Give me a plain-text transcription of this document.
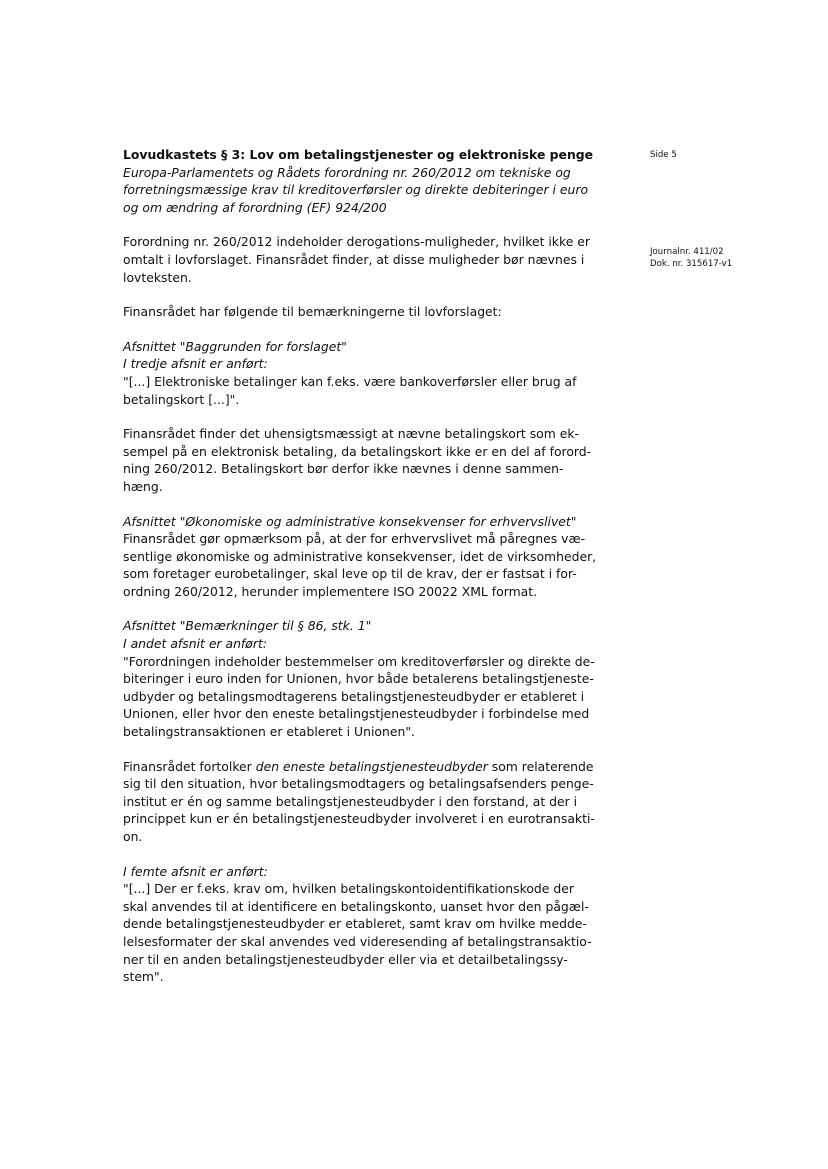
Side 5
Journalnr. 411/02
Dok. nr. 315617-v1
Lovudkastets § 3: Lov om betalingstjenester og elektroniske penge
Europa-Parlamentets og Rådets forordning nr. 260/2012 om tekniske og
forretningsmæssige krav til kreditoverførsler og direkte debiteringer i euro
og om ændring af forordning (EF) 924/200

Forordning nr. 260/2012 indeholder derogations-muligheder, hvilket ikke er
omtalt i lovforslaget. Finansrådet finder, at disse muligheder bør nævnes i
lovteksten.

Finansrådet har følgende til bemærkningerne til lovforslaget:

Afsnittet "Baggrunden for forslaget"
I tredje afsnit er anført:
"[...] Elektroniske betalinger kan f.eks. være bankoverførsler eller brug af
betalingskort [...]".

Finansrådet finder det uhensigtsmæssigt at nævne betalingskort som ek-
sempel på en elektronisk betaling, da betalingskort ikke er en del af forord-
ning 260/2012. Betalingskort bør derfor ikke nævnes i denne sammen-
hæng.

Afsnittet "Økonomiske og administrative konsekvenser for erhvervslivet"
Finansrådet gør opmærksom på, at der for erhvervslivet må påregnes væ-
sentlige økonomiske og administrative konsekvenser, idet de virksomheder,
som foretager eurobetalinger, skal leve op til de krav, der er fastsat i for-
ordning 260/2012, herunder implementere ISO 20022 XML format.

Afsnittet "Bemærkninger til § 86, stk. 1"
I andet afsnit er anført:
"Forordningen indeholder bestemmelser om kreditoverførsler og direkte de-
biteringer i euro inden for Unionen, hvor både betalerens betalingstjeneste-
udbyder og betalingsmodtagerens betalingstjenesteudbyder er etableret i
Unionen, eller hvor den eneste betalingstjenesteudbyder i forbindelse med
betalingstransaktionen er etableret i Unionen".

Finansrådet fortolker den eneste betalingstjenesteudbyder som relaterende
sig til den situation, hvor betalingsmodtagers og betalingsafsenders penge-
institut er én og samme betalingstjenesteudbyder i den forstand, at der i
princippet kun er én betalingstjenesteudbyder involveret i en eurotransakti-
on.

I femte afsnit er anført:
"[...] Der er f.eks. krav om, hvilken betalingskontoidentifikationskode der
skal anvendes til at identificere en betalingskonto, uanset hvor den pågæl-
dende betalingstjenesteudbyder er etableret, samt krav om hvilke medde-
lelsesformater der skal anvendes ved videresending af betalingstransaktio-
ner til en anden betalingstjenesteudbyder eller via et detailbetalingssy-
stem".
